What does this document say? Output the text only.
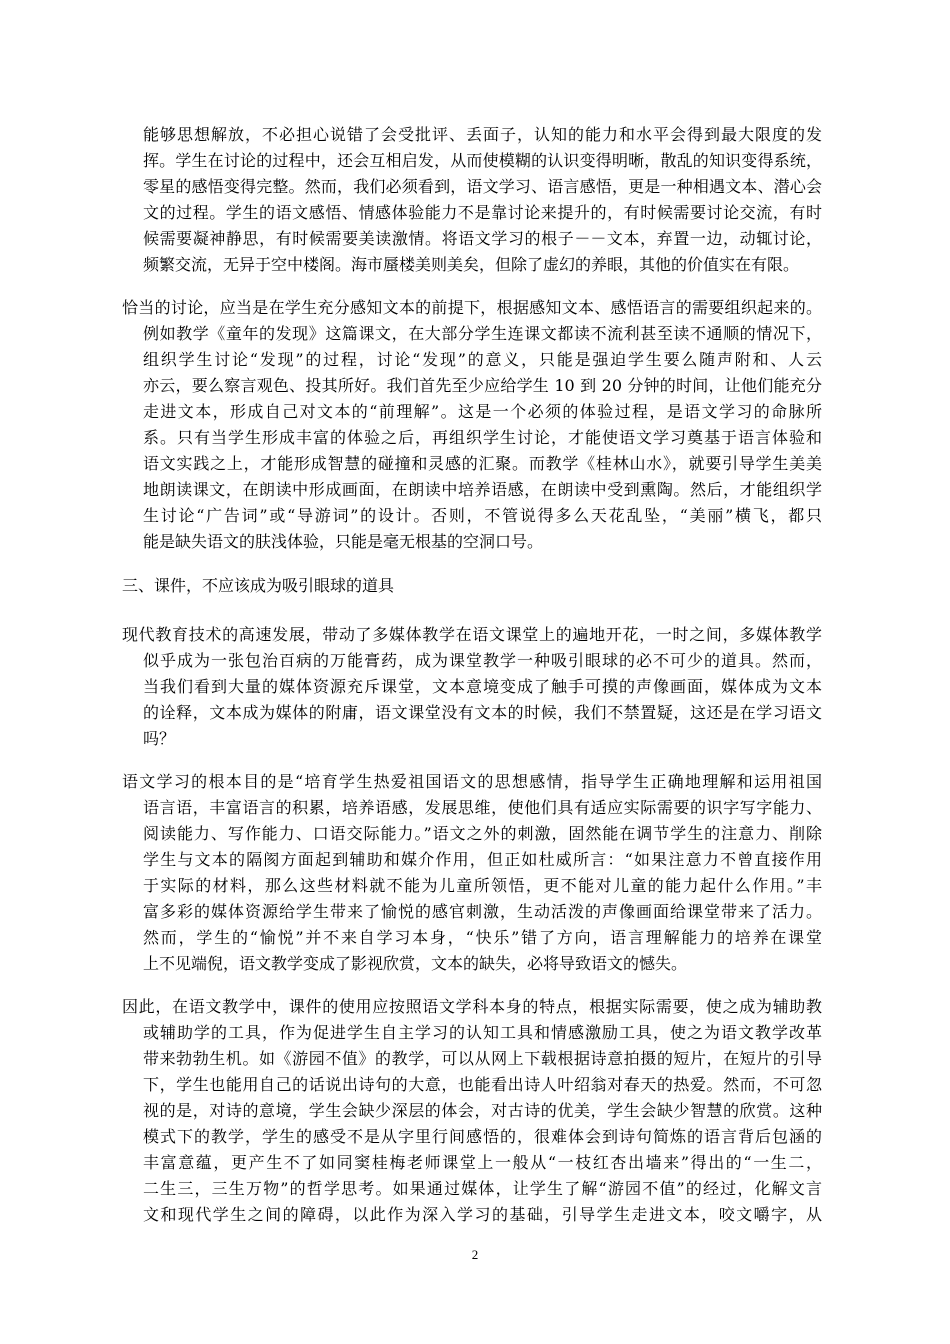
能够思想解放，不必担心说错了会受批评、丢面子，认知的能力和水平会得到最大限度的发
挥。学生在讨论的过程中，还会互相启发，从而使模糊的认识变得明晰，散乱的知识变得系统，
零星的感悟变得完整。然而，我们必须看到，语文学习、语言感悟，更是一种相遇文本、潜心会
文的过程。学生的语文感悟、情感体验能力不是靠讨论来提升的，有时候需要讨论交流，有时
候需要凝神静思，有时候需要美读激情。将语文学习的根子－－文本，弃置一边，动辄讨论，
频繁交流，无异于空中楼阁。海市蜃楼美则美矣，但除了虚幻的养眼，其他的价值实在有限。
恰当的讨论，应当是在学生充分感知文本的前提下，根据感知文本、感悟语言的需要组织起来的。
例如教学《童年的发现》这篇课文，在大部分学生连课文都读不流利甚至读不通顺的情况下，
组织学生讨论“发现”的过程，讨论“发现”的意义，只能是强迫学生要么随声附和、人云
亦云，要么察言观色、投其所好。我们首先至少应给学生 10 到 20 分钟的时间，让他们能充分
走进文本，形成自己对文本的“前理解”。这是一个必须的体验过程，是语文学习的命脉所
系。只有当学生形成丰富的体验之后，再组织学生讨论，才能使语文学习奠基于语言体验和
语文实践之上，才能形成智慧的碰撞和灵感的汇聚。而教学《桂林山水》，就要引导学生美美
地朗读课文，在朗读中形成画面，在朗读中培养语感，在朗读中受到熏陶。然后，才能组织学
生讨论“广告词”或“导游词”的设计。否则，不管说得多么天花乱坠，“美丽”横飞，都只
能是缺失语文的肤浅体验，只能是毫无根基的空洞口号。
三、课件，不应该成为吸引眼球的道具
现代教育技术的高速发展，带动了多媒体教学在语文课堂上的遍地开花，一时之间，多媒体教学
似乎成为一张包治百病的万能膏药，成为课堂教学一种吸引眼球的必不可少的道具。然而，
当我们看到大量的媒体资源充斥课堂，文本意境变成了触手可摸的声像画面，媒体成为文本
的诠释，文本成为媒体的附庸，语文课堂没有文本的时候，我们不禁置疑，这还是在学习语文
吗？
语文学习的根本目的是“培育学生热爱祖国语文的思想感情，指导学生正确地理解和运用祖国
语言语，丰富语言的积累，培养语感，发展思维，使他们具有适应实际需要的识字写字能力、
阅读能力、写作能力、口语交际能力。”语文之外的刺激，固然能在调节学生的注意力、削除
学生与文本的隔阂方面起到辅助和媒介作用，但正如杜威所言：“如果注意力不曾直接作用
于实际的材料，那么这些材料就不能为儿童所领悟，更不能对儿童的能力起什么作用。”丰
富多彩的媒体资源给学生带来了愉悦的感官刺激，生动活泼的声像画面给课堂带来了活力。
然而，学生的“愉悦”并不来自学习本身，“快乐”错了方向，语言理解能力的培养在课堂
上不见端倪，语文教学变成了影视欣赏，文本的缺失，必将导致语文的憾失。
因此，在语文教学中，课件的使用应按照语文学科本身的特点，根据实际需要，使之成为辅助教
或辅助学的工具，作为促进学生自主学习的认知工具和情感激励工具，使之为语文教学改革
带来勃勃生机。如《游园不值》的教学，可以从网上下载根据诗意拍摄的短片，在短片的引导
下，学生也能用自己的话说出诗句的大意，也能看出诗人叶绍翁对春天的热爱。然而，不可忽
视的是，对诗的意境，学生会缺少深层的体会，对古诗的优美，学生会缺少智慧的欣赏。这种
模式下的教学，学生的感受不是从字里行间感悟的，很难体会到诗句简炼的语言背后包涵的
丰富意蕴，更产生不了如同窦桂梅老师课堂上一般从“一枝红杏出墙来”得出的“一生二，
二生三，三生万物”的哲学思考。如果通过媒体，让学生了解“游园不值”的经过，化解文言
文和现代学生之间的障碍，以此作为深入学习的基础，引导学生走进文本，咬文嚼字，从
2
